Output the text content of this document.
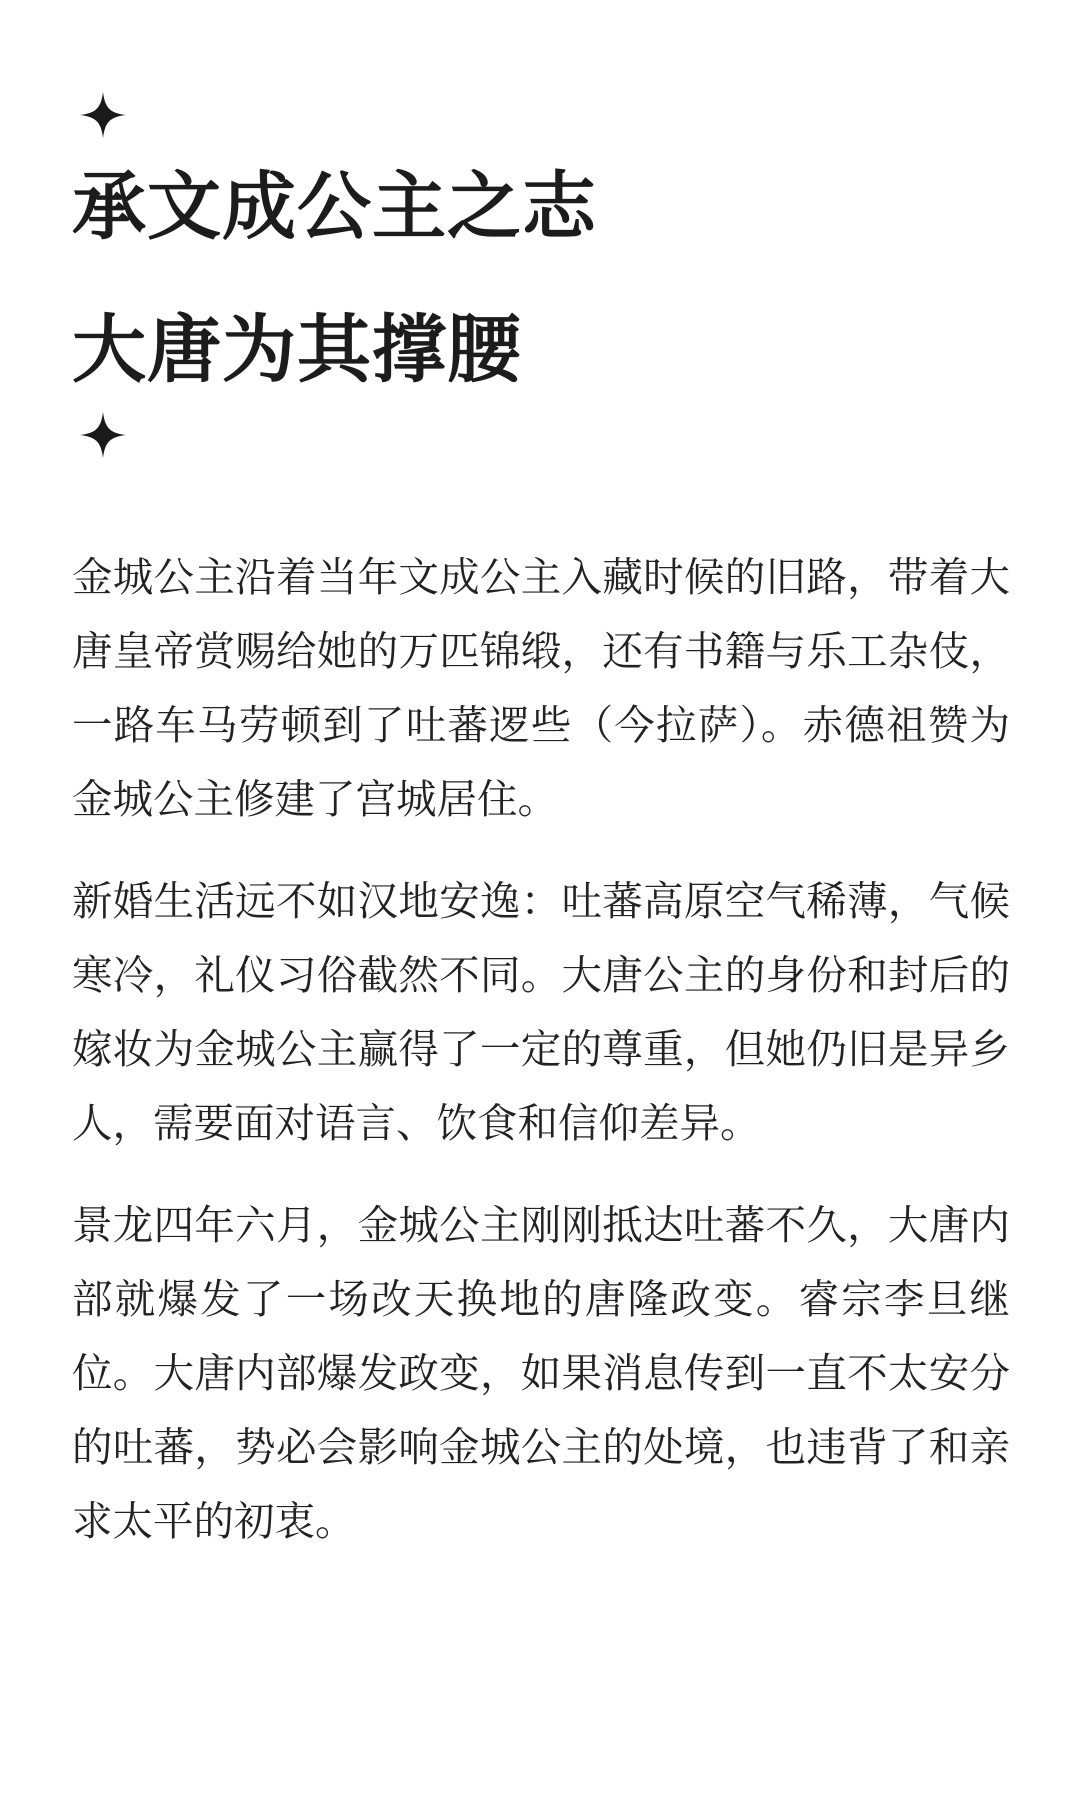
承文成公主之志
大唐为其撑腰

金城公主沿着当年文成公主入藏时候的旧路，带着大唐皇帝赏赐给她的万匹锦缎，还有书籍与乐工杂伎，一路车马劳顿到了吐蕃逻些（今拉萨）。赤德祖赞为金城公主修建了宫城居住。

新婚生活远不如汉地安逸：吐蕃高原空气稀薄，气候寒冷，礼仪习俗截然不同。大唐公主的身份和封后的嫁妆为金城公主赢得了一定的尊重，但她仍旧是异乡人，需要面对语言、饮食和信仰差异。

景龙四年六月，金城公主刚刚抵达吐蕃不久，大唐内部就爆发了一场改天换地的唐隆政变。睿宗李旦继位。大唐内部爆发政变，如果消息传到一直不太安分的吐蕃，势必会影响金城公主的处境，也违背了和亲求太平的初衷。
